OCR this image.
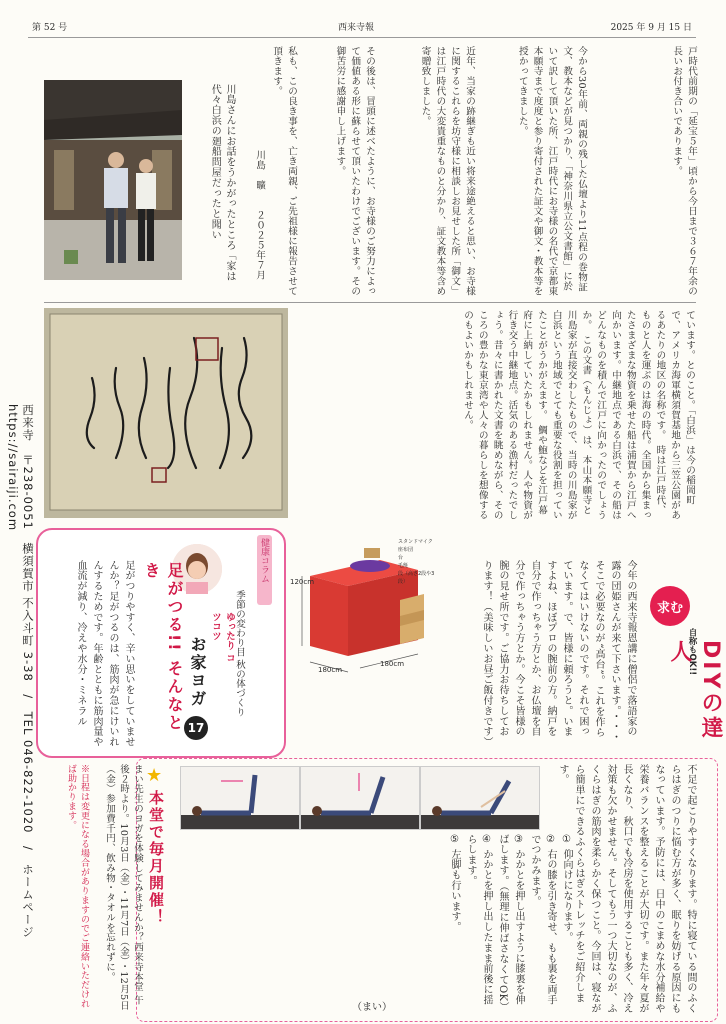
第 52 号	西来寺報	2025 年 9 月 15 日
戸時代前期の「延宝５年」頃から今日まで３６７年余の長いお付き合いであります。
今から30年前、両親の残した仏壇より11点程の巻物証文、教本などが見つかり、「神奈川県立公文書館」に於いて訳して頂いた所、江戸時代にお寺様の名代で京都東本願寺まで度度と参り寄付された証文や御文・教本等を授かってきました。
近年、当家の跡継ぎも近い将来途絶えると思い、お寺様に関するこれらを坊守様に相談しお見せした所「御文」は江戸時代の大変貴重なものと分かり、証文教本等含め寄贈致しました。
その後は、冒頭に述べたように、お寺様のご努力によって価値ある形に蘇らせて頂いたわけでございます。その御苦労に感謝申し上げます。
私も、この良き事を、亡き両親、ご先祖様に報告させて頂きます。
川島　曠　　２０２５年７月
川島さんにお話をうかがったところ「家は代々白浜の廻船問屋だったと聞い
ています。とのこと。「白浜」は今の稲岡町で、アメリカ海軍横須賀基地から三笠公園があるあたりの地区の名称です。　時は江戸時代、ものと人を運ぶのは海の時代。全国から集まったさまざまな物資を乗せた船は浦賀から江戸へ向かいます。中継地点である白浜で、その船はどんなものを積んで江戸に向かったのでしょうか。　この文書（もんじょ）は、本山本願寺と川島家が直接交わしたもので、当時の川島家が白浜という地域でとても重要な役割を担っていたことがうかがえます。　鯛や鮑などを江戸幕府に上納していたかもしれません。人や物資が行き交う中継地点。活気のある漁村だったでしょう。昔々に書かれた文書を眺めながら、そのころの豊かな東京湾や人々の暮らしを想像するのもよいかもしれません。
西来寺　〒238-0051　横須賀市 不入斗町 3-38　/　TEL 046-822-1020　/　ホームページ https://sairaiji.com
今年の西来寺報恩講に僧侶で落語家の露の団姫さんが来て下さいます。・・・そこで必要なのが“高台”。これを作らなくてはいけないのです。それで困っています。で、皆様に頼ろうと。いますよね、ほぼプロの腕前の方。納戸を自分で作っちゃう方とか、お仏壇を自分で作っちゃう方とか。今こそ皆様の腕の見せ所です。ご協力お待ちしております！（美味しいお昼ご飯付きです）	求む
自称もOK!! DIYの達人
120cm
180cm
180cm
スタンドマイク
座布団
台
毛氈
段（高さ2段や3段）
健康コラム
季節の変わり目 秋の体づくり
ゆったり コツコツ
お家ヨガ
17
足がつる!! そんなとき
足がつりやすく、辛い思いをしていませんか？足がつるのは、筋肉が急にけいれんするためです。年齢とともに筋肉量や血流が減り、冷えや水分・ミネラル
不足で起こりやすくなります。特に寝ている間のふくらはぎのつりに悩む方が多く、眠りを妨げる原因にもなっています。予防には、日中のこまめな水分補給や栄養バランスを整えることが大切です。また年々夏が長くなり、秋口でも冷房を使用することも多く、冷え対策も欠かせません。そしてもう一つ大切なのが、ふくらはぎの筋肉を柔らかく保つこと。今回は、寝ながら簡単にできるふくらはぎストレッチをご紹介します。
① 仰向けになります。
② 右の膝を引き寄せ、もも裏を両手でつかみます。
③ かかとを押し出すように膝裏を伸ばします。（無理に伸ばさなくてOK）
④ かかとを押し出したまま前後に揺らします。
⑤ 左脚も行います。
（まい）
★
本堂で毎月開催！
まい先生のヨガを体験してみませんか？西来寺本堂 午後２時より。10月3日（金）・11月7日（金）・12月5日（金）参加費千円、飲み物・タオルを忘れずに。
※日程は変更になる場合がありますのでご連絡いただければ助かります。
